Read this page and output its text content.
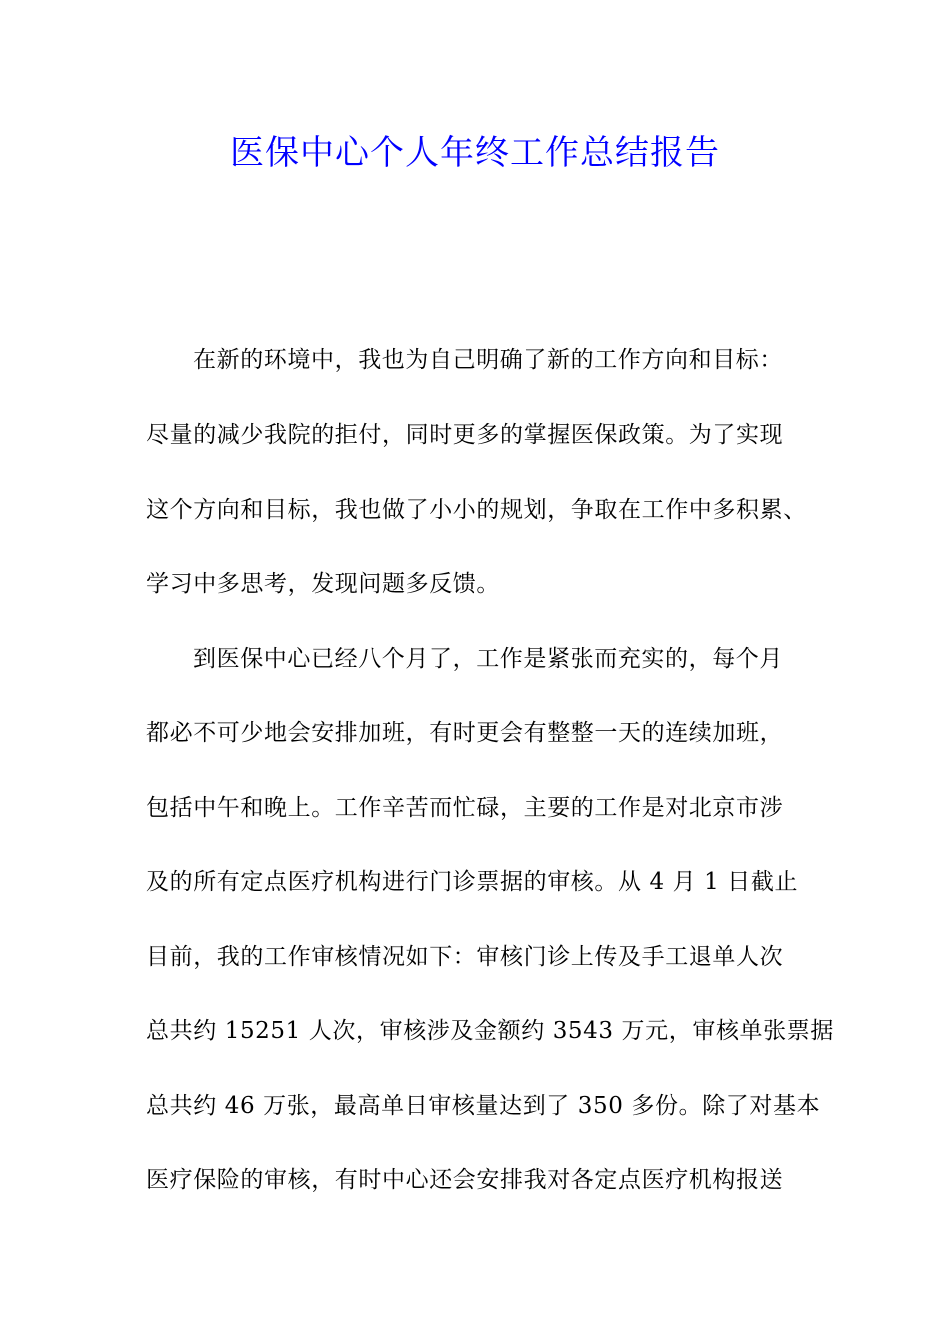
医保中心个人年终工作总结报告

在新的环境中，我也为自己明确了新的工作方向和目标：

尽量的减少我院的拒付，同时更多的掌握医保政策。为了实现

这个方向和目标，我也做了小小的规划，争取在工作中多积累、

学习中多思考，发现问题多反馈。

到医保中心已经八个月了，工作是紧张而充实的，每个月

都必不可少地会安排加班，有时更会有整整一天的连续加班，

包括中午和晚上。工作辛苦而忙碌，主要的工作是对北京市涉

及的所有定点医疗机构进行门诊票据的审核。从 4 月 1 日截止

目前，我的工作审核情况如下：审核门诊上传及手工退单人次

总共约 15251 人次，审核涉及金额约 3543 万元，审核单张票据

总共约 46 万张，最高单日审核量达到了 350 多份。除了对基本

医疗保险的审核，有时中心还会安排我对各定点医疗机构报送
